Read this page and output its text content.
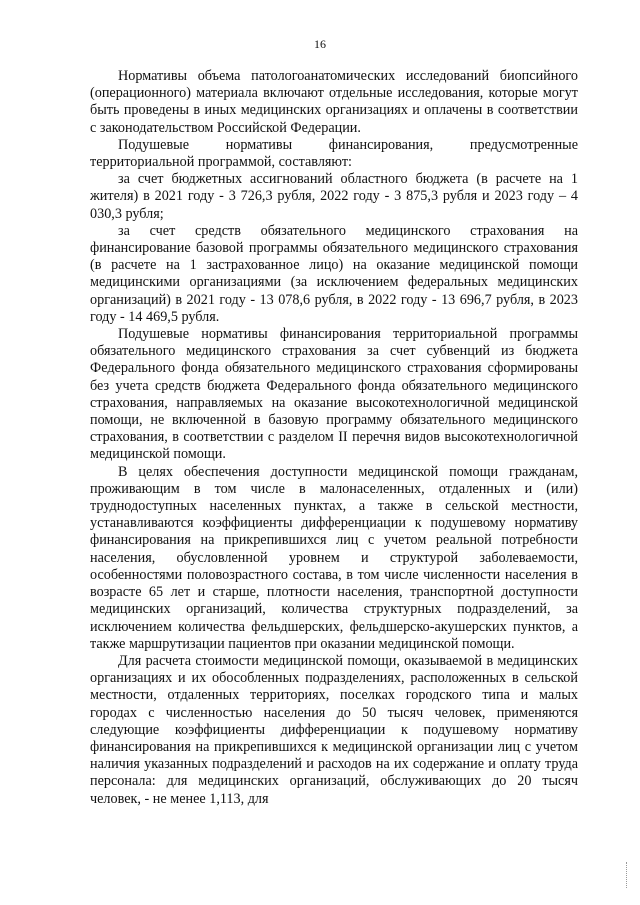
16

Нормативы объема патологоанатомических исследований биопсийного (операционного) материала включают отдельные исследования, которые могут быть проведены в иных медицинских организациях и оплачены в соответствии с законодательством Российской Федерации.

Подушевые нормативы финансирования, предусмотренные территориальной программой, составляют:

за счет бюджетных ассигнований областного бюджета (в расчете на 1 жителя) в 2021 году - 3 726,3 рубля, 2022 году - 3 875,3 рубля и 2023 году – 4 030,3 рубля;

за счет средств обязательного медицинского страхования на финансирование базовой программы обязательного медицинского страхования (в расчете на 1 застрахованное лицо) на оказание медицинской помощи медицинскими организациями (за исключением федеральных медицинских организаций) в 2021 году - 13 078,6 рубля, в 2022 году - 13 696,7 рубля, в 2023 году - 14 469,5 рубля.

Подушевые нормативы финансирования территориальной программы обязательного медицинского страхования за счет субвенций из бюджета Федерального фонда обязательного медицинского страхования сформированы без учета средств бюджета Федерального фонда обязательного медицинского страхования, направляемых на оказание высокотехнологичной медицинской помощи, не включенной в базовую программу обязательного медицинского страхования, в соответствии с разделом II перечня видов высокотехнологичной медицинской помощи.

В целях обеспечения доступности медицинской помощи гражданам, проживающим в том числе в малонаселенных, отдаленных и (или) труднодоступных населенных пунктах, а также в сельской местности, устанавливаются коэффициенты дифференциации к подушевому нормативу финансирования на прикрепившихся лиц с учетом реальной потребности населения, обусловленной уровнем и структурой заболеваемости, особенностями половозрастного состава, в том числе численности населения в возрасте 65 лет и старше, плотности населения, транспортной доступности медицинских организаций, количества структурных подразделений, за исключением количества фельдшерских, фельдшерско-акушерских пунктов, а также маршрутизации пациентов при оказании медицинской помощи.

Для расчета стоимости медицинской помощи, оказываемой в медицинских организациях и их обособленных подразделениях, расположенных в сельской местности, отдаленных территориях, поселках городского типа и малых городах с численностью населения до 50 тысяч человек, применяются следующие коэффициенты дифференциации к подушевому нормативу финансирования на прикрепившихся к медицинской организации лиц с учетом наличия указанных подразделений и расходов на их содержание и оплату труда персонала: для медицинских организаций, обслуживающих до 20 тысяч человек, - не менее 1,113, для
